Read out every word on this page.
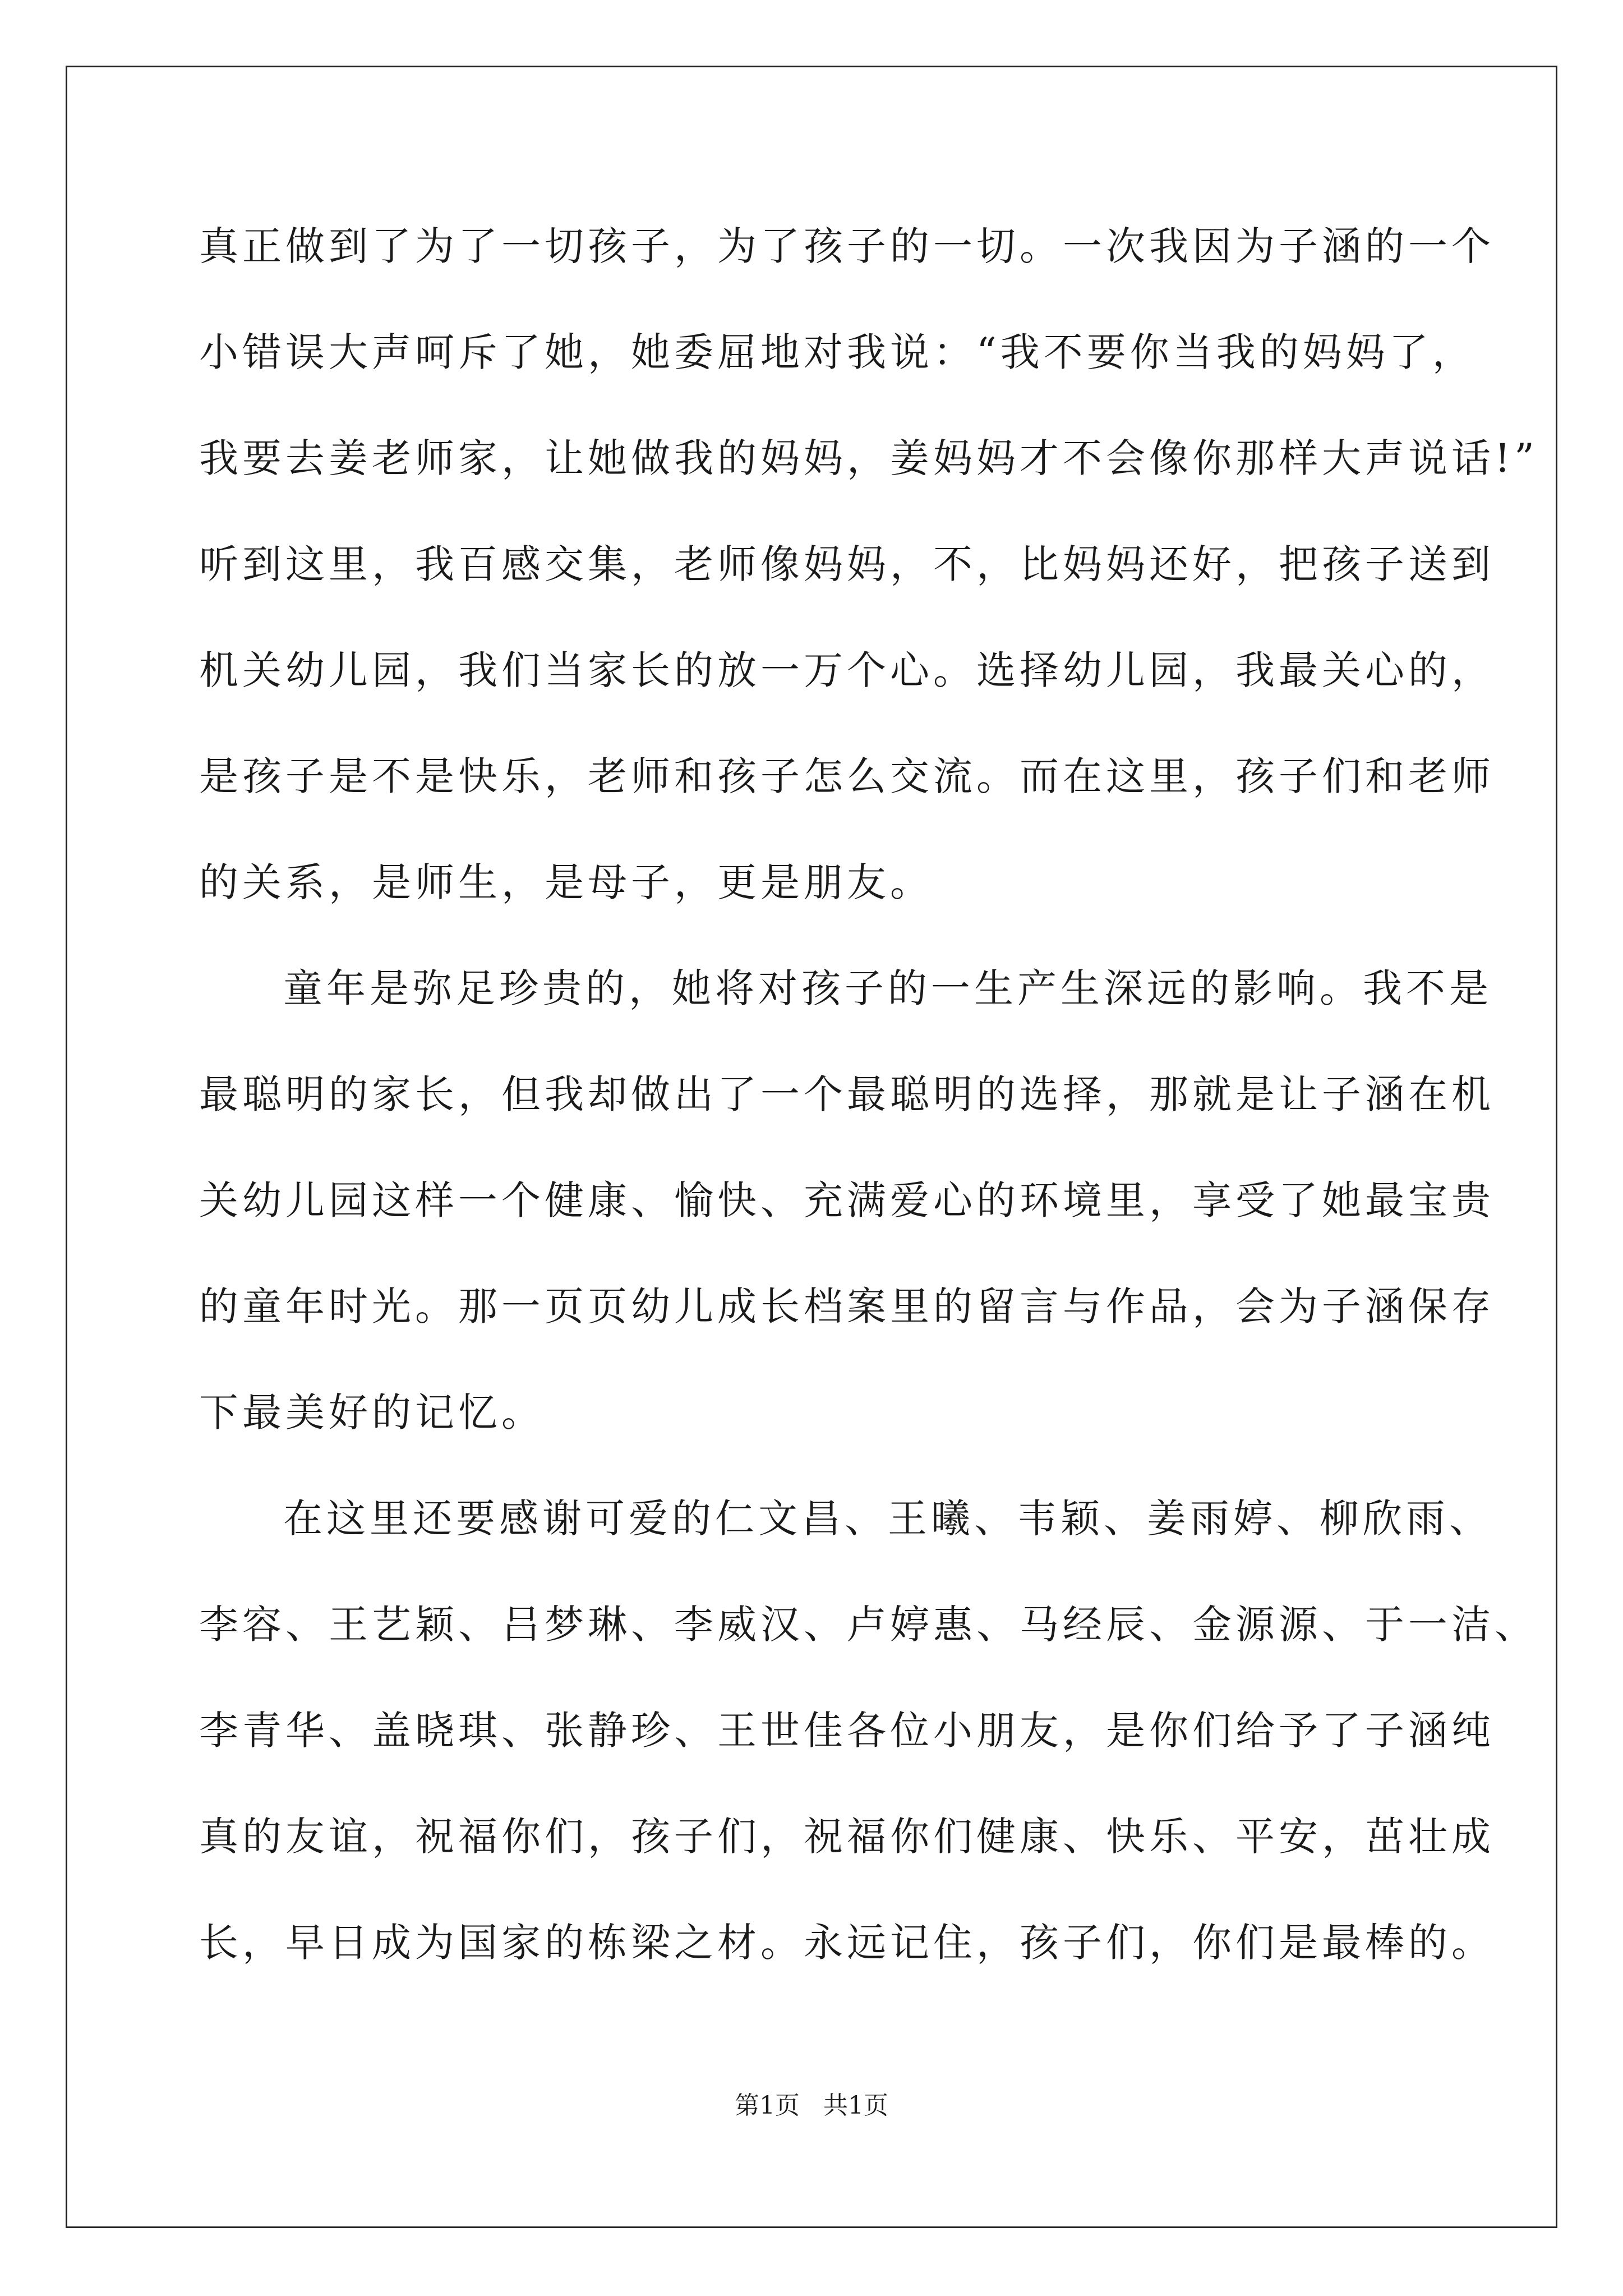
真正做到了为了一切孩子，为了孩子的一切。一次我因为子涵的一个
小错误大声呵斥了她，她委屈地对我说：“我不要你当我的妈妈了，
我要去姜老师家，让她做我的妈妈，姜妈妈才不会像你那样大声说话!”
听到这里，我百感交集，老师像妈妈，不，比妈妈还好，把孩子送到
机关幼儿园，我们当家长的放一万个心。选择幼儿园，我最关心的，
是孩子是不是快乐，老师和孩子怎么交流。而在这里，孩子们和老师
的关系，是师生，是母子，更是朋友。
童年是弥足珍贵的，她将对孩子的一生产生深远的影响。我不是
最聪明的家长，但我却做出了一个最聪明的选择，那就是让子涵在机
关幼儿园这样一个健康、愉快、充满爱心的环境里，享受了她最宝贵
的童年时光。那一页页幼儿成长档案里的留言与作品，会为子涵保存
下最美好的记忆。
在这里还要感谢可爱的仁文昌、王曦、韦颖、姜雨婷、柳欣雨、
李容、王艺颖、吕梦琳、李威汉、卢婷惠、马经辰、金源源、于一洁、
李青华、盖晓琪、张静珍、王世佳各位小朋友，是你们给予了子涵纯
真的友谊，祝福你们，孩子们，祝福你们健康、快乐、平安，茁壮成
长，早日成为国家的栋梁之材。永远记住，孩子们，你们是最棒的。
第1页   共1页
